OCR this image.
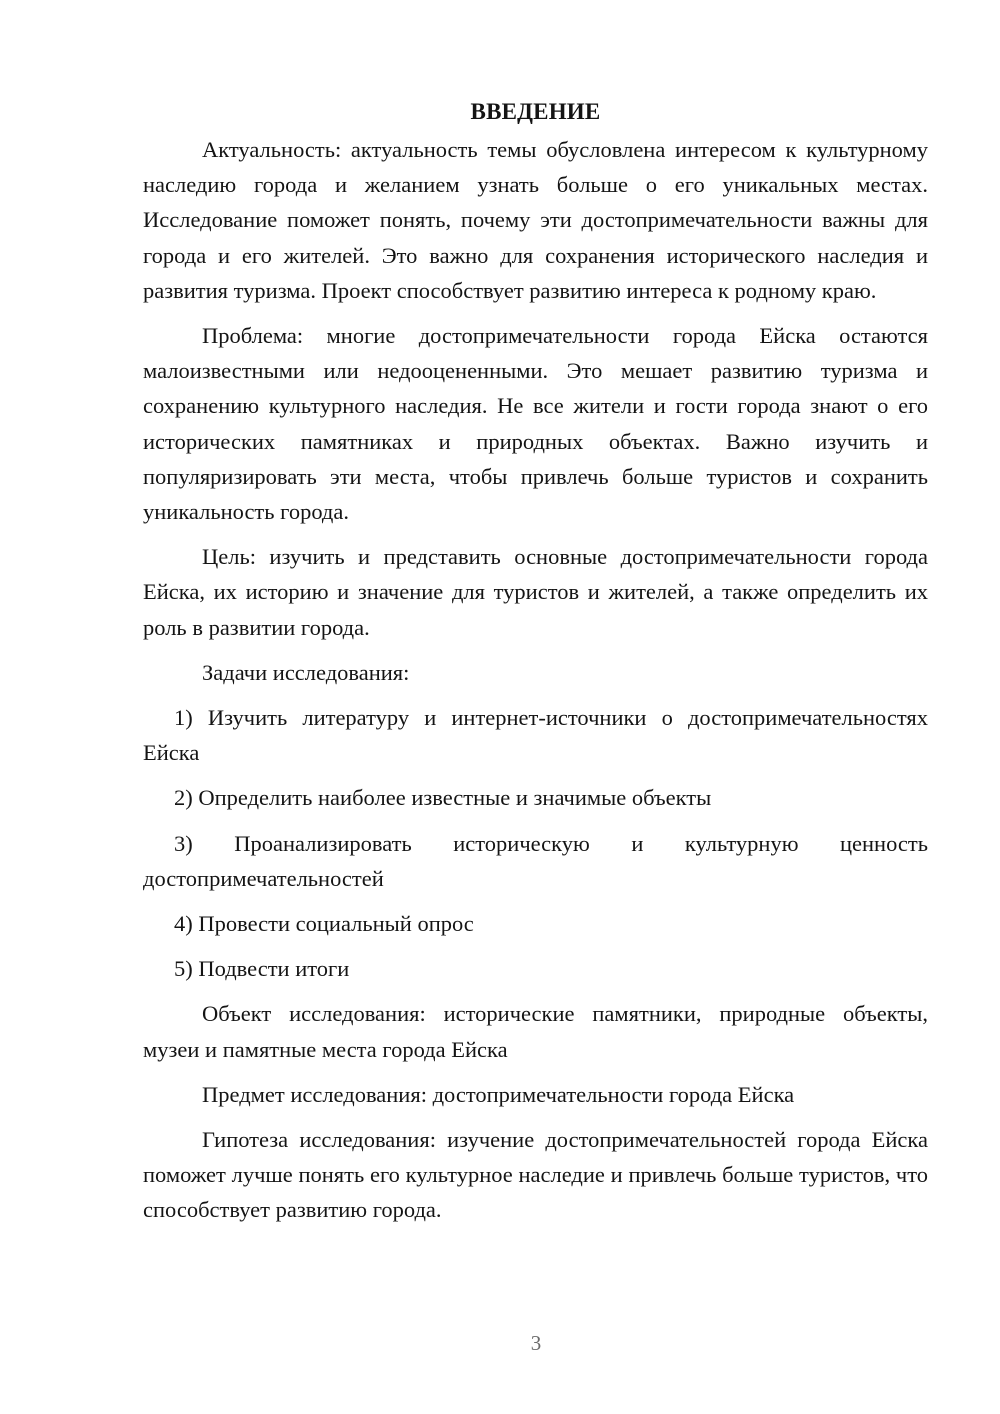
ВВЕДЕНИЕ

Актуальность: актуальность темы обусловлена интересом к культурному наследию города и желанием узнать больше о его уникальных местах. Исследование поможет понять, почему эти достопримечательности важны для города и его жителей. Это важно для сохранения исторического наследия и развития туризма. Проект способствует развитию интереса к родному краю.

Проблема: многие достопримечательности города Ейска остаются малоизвестными или недооцененными. Это мешает развитию туризма и сохранению культурного наследия. Не все жители и гости города знают о его исторических памятниках и природных объектах. Важно изучить и популяризировать эти места, чтобы привлечь больше туристов и сохранить уникальность города.

Цель: изучить и представить основные достопримечательности города Ейска, их историю и значение для туристов и жителей, а также определить их роль в развитии города.

Задачи исследования:

1) Изучить литературу и интернет-источники о достопримечательностях Ейска

2) Определить наиболее известные и значимые объекты

3) Проанализировать историческую и культурную ценность достопримечательностей

4) Провести социальный опрос

5) Подвести итоги

Объект исследования: исторические памятники, природные объекты, музеи и памятные места города Ейска

Предмет исследования: достопримечательности города Ейска

Гипотеза исследования: изучение достопримечательностей города Ейска поможет лучше понять его культурное наследие и привлечь больше туристов, что способствует развитию города.

3
